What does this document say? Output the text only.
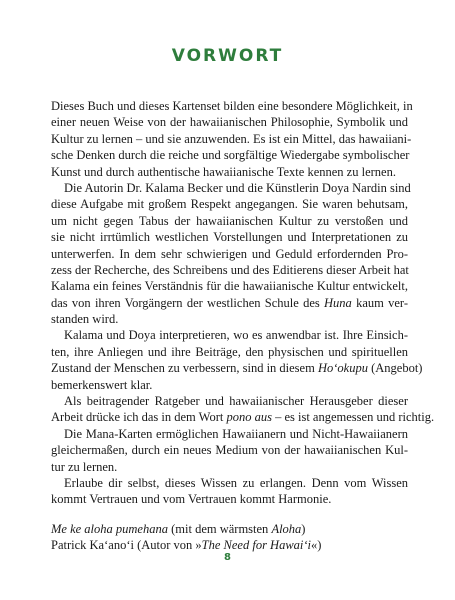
VORWORT
Dieses Buch und dieses Kartenset bilden eine besondere Möglichkeit, in
einer neuen Weise von der hawaiianischen Philosophie, Symbolik und
Kultur zu lernen – und sie anzuwenden. Es ist ein Mittel, das hawaiiani-
sche Denken durch die reiche und sorgfältige Wiedergabe symbolischer
Kunst und durch authentische hawaiianische Texte kennen zu lernen.
Die Autorin Dr. Kalama Becker und die Künstlerin Doya Nardin sind
diese Aufgabe mit großem Respekt angegangen. Sie waren behutsam,
um nicht gegen Tabus der hawaiianischen Kultur zu verstoßen und
sie nicht irrtümlich westlichen Vorstellungen und Interpretationen zu
unterwerfen. In dem sehr schwierigen und Geduld erfordernden Pro-
zess der Recherche, des Schreibens und des Editierens dieser Arbeit hat
Kalama ein feines Verständnis für die hawaiianische Kultur entwickelt,
das von ihren Vorgängern der westlichen Schule des Huna kaum ver-
standen wird.
Kalama und Doya interpretieren, wo es anwendbar ist. Ihre Einsich-
ten, ihre Anliegen und ihre Beiträge, den physischen und spirituellen
Zustand der Menschen zu verbessern, sind in diesem Ho‘okupu (Angebot)
bemerkenswert klar.
Als beitragender Ratgeber und hawaiianischer Herausgeber dieser
Arbeit drücke ich das in dem Wort pono aus – es ist angemessen und richtig.
Die Mana-Karten ermöglichen Hawaiianern und Nicht-Hawaiianern
gleichermaßen, durch ein neues Medium von der hawaiianischen Kul-
tur zu lernen.
Erlaube dir selbst, dieses Wissen zu erlangen. Denn vom Wissen
kommt Vertrauen und vom Vertrauen kommt Harmonie.
Me ke aloha pumehana (mit dem wärmsten Aloha)
Patrick Ka‘ano‘i (Autor von »The Need for Hawai‘i«)
8
